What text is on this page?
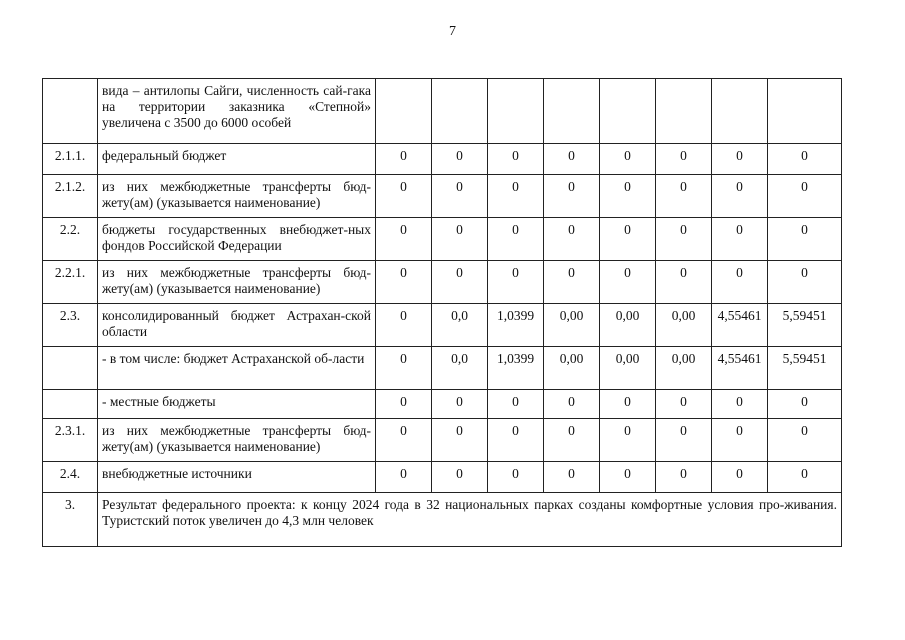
7
	вида – антилопы Сайги, численность сай-гака на территории заказника «Степной» увеличена с 3500 до 6000 особей								
2.1.1.	федеральный бюджет	0	0	0	0	0	0	0	0
2.1.2.	из них межбюджетные трансферты бюд-жету(ам) (указывается наименование)	0	0	0	0	0	0	0	0
2.2.	бюджеты государственных внебюджет-ных фондов Российской Федерации	0	0	0	0	0	0	0	0
2.2.1.	из них межбюджетные трансферты бюд-жету(ам) (указывается наименование)	0	0	0	0	0	0	0	0
2.3.	консолидированный бюджет Астрахан-ской области	0	0,0	1,0399	0,00	0,00	0,00	4,55461	5,59451
	- в том числе: бюджет Астраханской об-ласти	0	0,0	1,0399	0,00	0,00	0,00	4,55461	5,59451
	- местные бюджеты	0	0	0	0	0	0	0	0
2.3.1.	из них межбюджетные трансферты бюд-жету(ам) (указывается наименование)	0	0	0	0	0	0	0	0
2.4.	внебюджетные источники	0	0	0	0	0	0	0	0
3.	Результат федерального проекта: к концу 2024 года в 32 национальных парках созданы комфортные условия про-живания. Туристский поток увеличен до 4,3 млн человек								
